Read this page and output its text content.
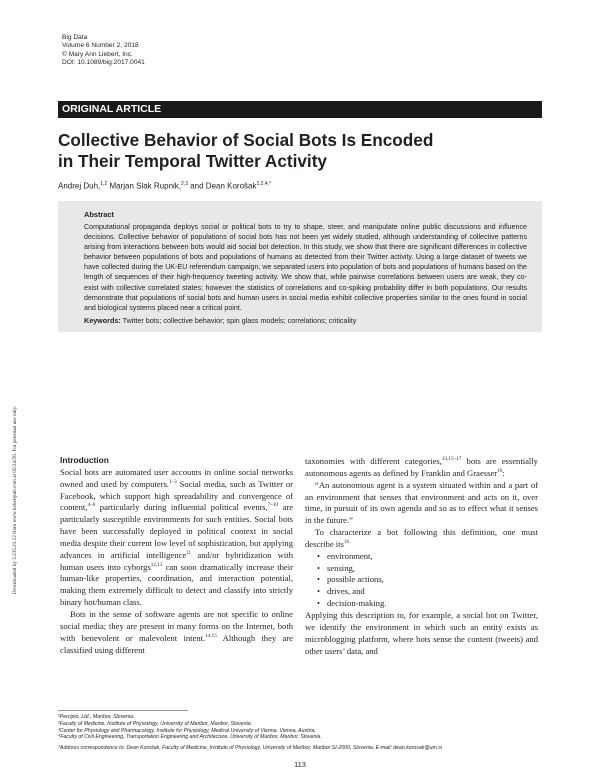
Big Data
Volume 6 Number 2, 2018
© Mary Ann Liebert, Inc.
DOI: 10.1089/big.2017.0041
ORIGINAL ARTICLE
Collective Behavior of Social Bots Is Encoded
in Their Temporal Twitter Activity
Andrej Duh,$^{1,2}$ Marjan Slak Rupnik,$^{2,3}$ and Dean Korošak$^{1,2,4,*}$
Abstract
Computational propaganda deploys social or political bots to try to shape, steer, and manipulate online public discussions and influence decisions. Collective behavior of populations of social bots has not been yet widely studied, although understanding of collective patterns arising from interactions between bots would aid social bot detection. In this study, we show that there are significant differences in collective behavior between populations of bots and populations of humans as detected from their Twitter activity. Using a large dataset of tweets we have collected during the UK-EU referendum campaign, we separated users into population of bots and populations of humans based on the length of sequences of their high-frequency tweeting activity. We show that, while pairwise correlations between users are weak, they co-exist with collective correlated states; however the statistics of correlations and co-spiking probability differ in both populations. Our results demonstrate that populations of social bots and human users in social media exhibit collective properties similar to the ones found in social and biological systems placed near a critical point.
Keywords: Twitter bots; collective behavior; spin glass models; correlations; criticality
Downloaded by 3.235.21.12 from www.liebertpub.com at 05/24/20. For personal use only.	Introduction

Social bots are automated user accounts in online social networks owned and used by computers.$^{1-3}$ Social media, such as Twitter or Facebook, which support high spreadability and convergence of content,$^{4-6}$ particularly during influential political events,$^{7-10}$ are particularly susceptible environments for such entities. Social bots have been successfully deployed in political context in social media despite their current low level of sophistication, but applying advances in artificial intelligence$^{11}$ and/or hybridization with human users into cyborgs$^{12,13}$ can soon dramatically increase their human-like properties, coordination, and interaction potential, making them extremely difficult to detect and classify into strictly binary bot/human class.

Bots in the sense of software agents are not specific to online social media; they are present in many forms on the Internet, both with benevolent or malevolent intent.$^{14,15}$ Although they are classified using different

taxonomies with different categories,$^{13,15-17}$ bots are essentially autonomous agents as defined by Franklin and Graesser$^{16}$:

“An autonomous agent is a system situated within and a part of an environment that senses that environment and acts on it, over time, in pursuit of its own agenda and so as to effect what it senses in the future.”

To characterize a bot following this definition, one must describe its$^{16}$

• environment,
• sensing,
• possible actions,
• drives, and
• decision-making.

Applying this description to, for example, a social bot on Twitter, we identify the environment in which such an entity exists as microblogging platform, where bots sense the content (tweets) and other users’ data, and

¹Percipio, Ltd., Maribor, Slovenia.
²Faculty of Medicine, Institute of Physiology, University of Maribor, Maribor, Slovenia.
³Center for Physiology and Pharmacology, Institute for Physiology, Medical University of Vienna, Vienna, Austria.
⁴Faculty of Civil Engineering, Transportation Engineering and Architecture, University of Maribor, Maribor, Slovenia.
*Address correspondence to: Dean Korošak, Faculty of Medicine, Institute of Physiology, University of Maribor, Maribor SI-2000, Slovenia, E-mail: dean.korosak@um.si
113
